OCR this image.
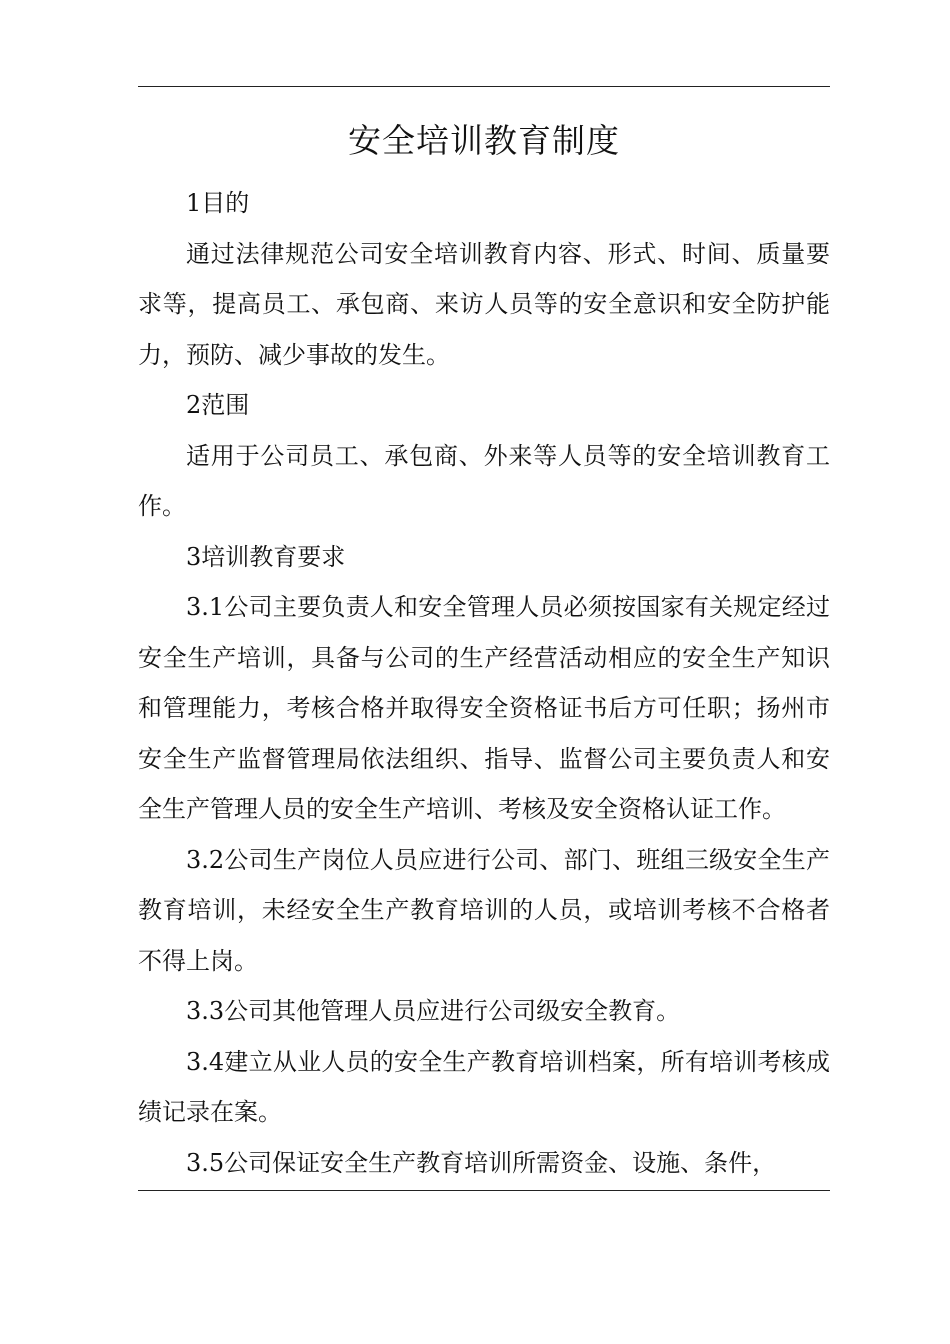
安全培训教育制度

1目的

通过法律规范公司安全培训教育内容、形式、时间、质量要求等，提高员工、承包商、来访人员等的安全意识和安全防护能力，预防、减少事故的发生。

2范围

适用于公司员工、承包商、外来等人员等的安全培训教育工作。

3培训教育要求

3.1公司主要负责人和安全管理人员必须按国家有关规定经过安全生产培训，具备与公司的生产经营活动相应的安全生产知识和管理能力，考核合格并取得安全资格证书后方可任职；扬州市安全生产监督管理局依法组织、指导、监督公司主要负责人和安全生产管理人员的安全生产培训、考核及安全资格认证工作。

3.2公司生产岗位人员应进行公司、部门、班组三级安全生产教育培训，未经安全生产教育培训的人员，或培训考核不合格者不得上岗。

3.3公司其他管理人员应进行公司级安全教育。

3.4建立从业人员的安全生产教育培训档案，所有培训考核成绩记录在案。

3.5公司保证安全生产教育培训所需资金、设施、条件，
